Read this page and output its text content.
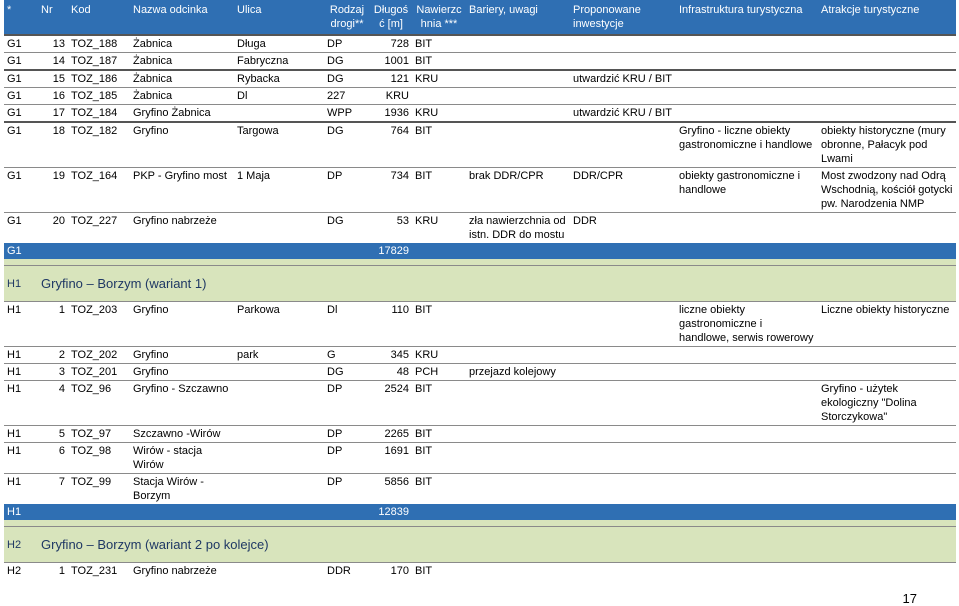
*	Nr	Kod	Nazwa odcinka	Ulica	Rodzaj drogi**	Długość [m]	Nawierzchnia ***	Bariery, uwagi	Proponowane inwestycje	Infrastruktura turystyczna	Atrakcje turystyczne
G1	13	TOZ_188	Żabnica	Długa	DP	728	BIT				
G1	14	TOZ_187	Żabnica	Fabryczna	DG	1001	BIT				
G1	15	TOZ_186	Żabnica	Rybacka	DG	121	KRU		utwardzić KRU / BIT		
G1	16	TOZ_185	Żabnica	Dl	227	KRU					
G1	17	TOZ_184	Gryfino Żabnica		WPP	1936	KRU		utwardzić KRU / BIT		
G1	18	TOZ_182	Gryfino	Targowa	DG	764	BIT			Gryfino - liczne obiekty gastronomiczne i handlowe	obiekty historyczne (mury obronne, Pałacyk pod Lwami
G1	19	TOZ_164	PKP - Gryfino most	1 Maja	DP	734	BIT	brak DDR/CPR	DDR/CPR	obiekty gastronomiczne i handlowe	Most zwodzony nad Odrą Wschodnią, kościół gotycki pw. Narodzenia NMP
G1	20	TOZ_227	Gryfino nabrzeże		DG	53	KRU	zła nawierzchnia od istn. DDR do mostu	DDR		
G1						17829					

H1	Gryfino – Borzym (wariant 1)										
H1	1	TOZ_203	Gryfino	Parkowa	Dl	110	BIT			liczne obiekty gastronomiczne i handlowe, serwis rowerowy	Liczne obiekty historyczne
H1	2	TOZ_202	Gryfino	park	G	345	KRU				
H1	3	TOZ_201	Gryfino		DG	48	PCH	przejazd kolejowy			
H1	4	TOZ_96	Gryfino - Szczawno		DP	2524	BIT				Gryfino - użytek ekologiczny "Dolina Storczykowa"
H1	5	TOZ_97	Szczawno -Wirów		DP	2265	BIT				
H1	6	TOZ_98	Wirów - stacja Wirów		DP	1691	BIT				
H1	7	TOZ_99	Stacja Wirów - Borzym		DP	5856	BIT				
H1						12839					

H2	Gryfino – Borzym (wariant 2 po kolejce)										
H2	1	TOZ_231	Gryfino nabrzeże		DDR	170	BIT				
17
